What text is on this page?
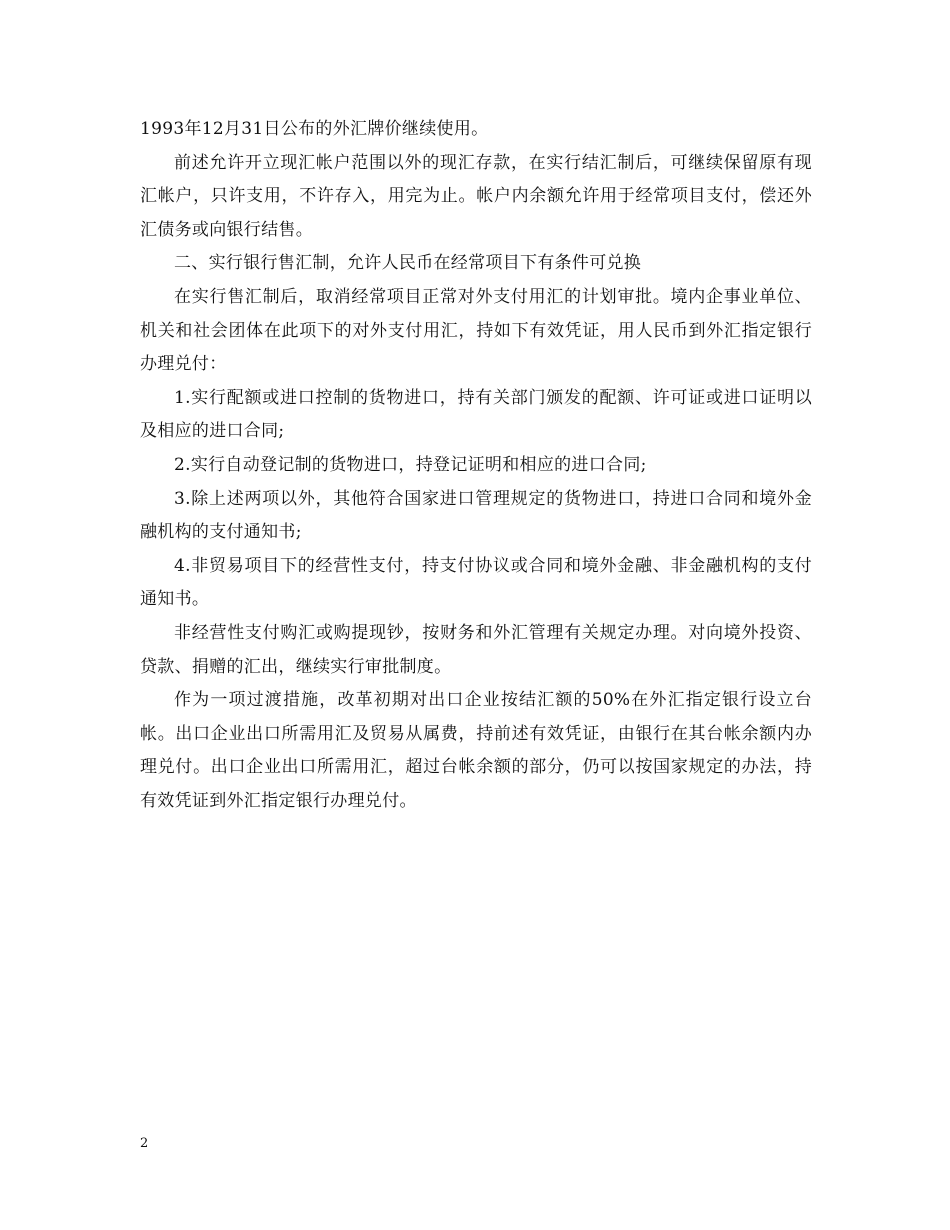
1993年12月31日公布的外汇牌价继续使用。

前述允许开立现汇帐户范围以外的现汇存款，在实行结汇制后，可继续保留原有现汇帐户，只许支用，不许存入，用完为止。帐户内余额允许用于经常项目支付，偿还外汇债务或向银行结售。

二、实行银行售汇制，允许人民币在经常项目下有条件可兑换

在实行售汇制后，取消经常项目正常对外支付用汇的计划审批。境内企事业单位、机关和社会团体在此项下的对外支付用汇，持如下有效凭证，用人民币到外汇指定银行办理兑付：

1.实行配额或进口控制的货物进口，持有关部门颁发的配额、许可证或进口证明以及相应的进口合同;

2.实行自动登记制的货物进口，持登记证明和相应的进口合同;

3.除上述两项以外，其他符合国家进口管理规定的货物进口，持进口合同和境外金融机构的支付通知书;

4.非贸易项目下的经营性支付，持支付协议或合同和境外金融、非金融机构的支付通知书。

非经营性支付购汇或购提现钞，按财务和外汇管理有关规定办理。对向境外投资、贷款、捐赠的汇出，继续实行审批制度。

作为一项过渡措施，改革初期对出口企业按结汇额的50%在外汇指定银行设立台帐。出口企业出口所需用汇及贸易从属费，持前述有效凭证，由银行在其台帐余额内办理兑付。出口企业出口所需用汇，超过台帐余额的部分，仍可以按国家规定的办法，持有效凭证到外汇指定银行办理兑付。

2
